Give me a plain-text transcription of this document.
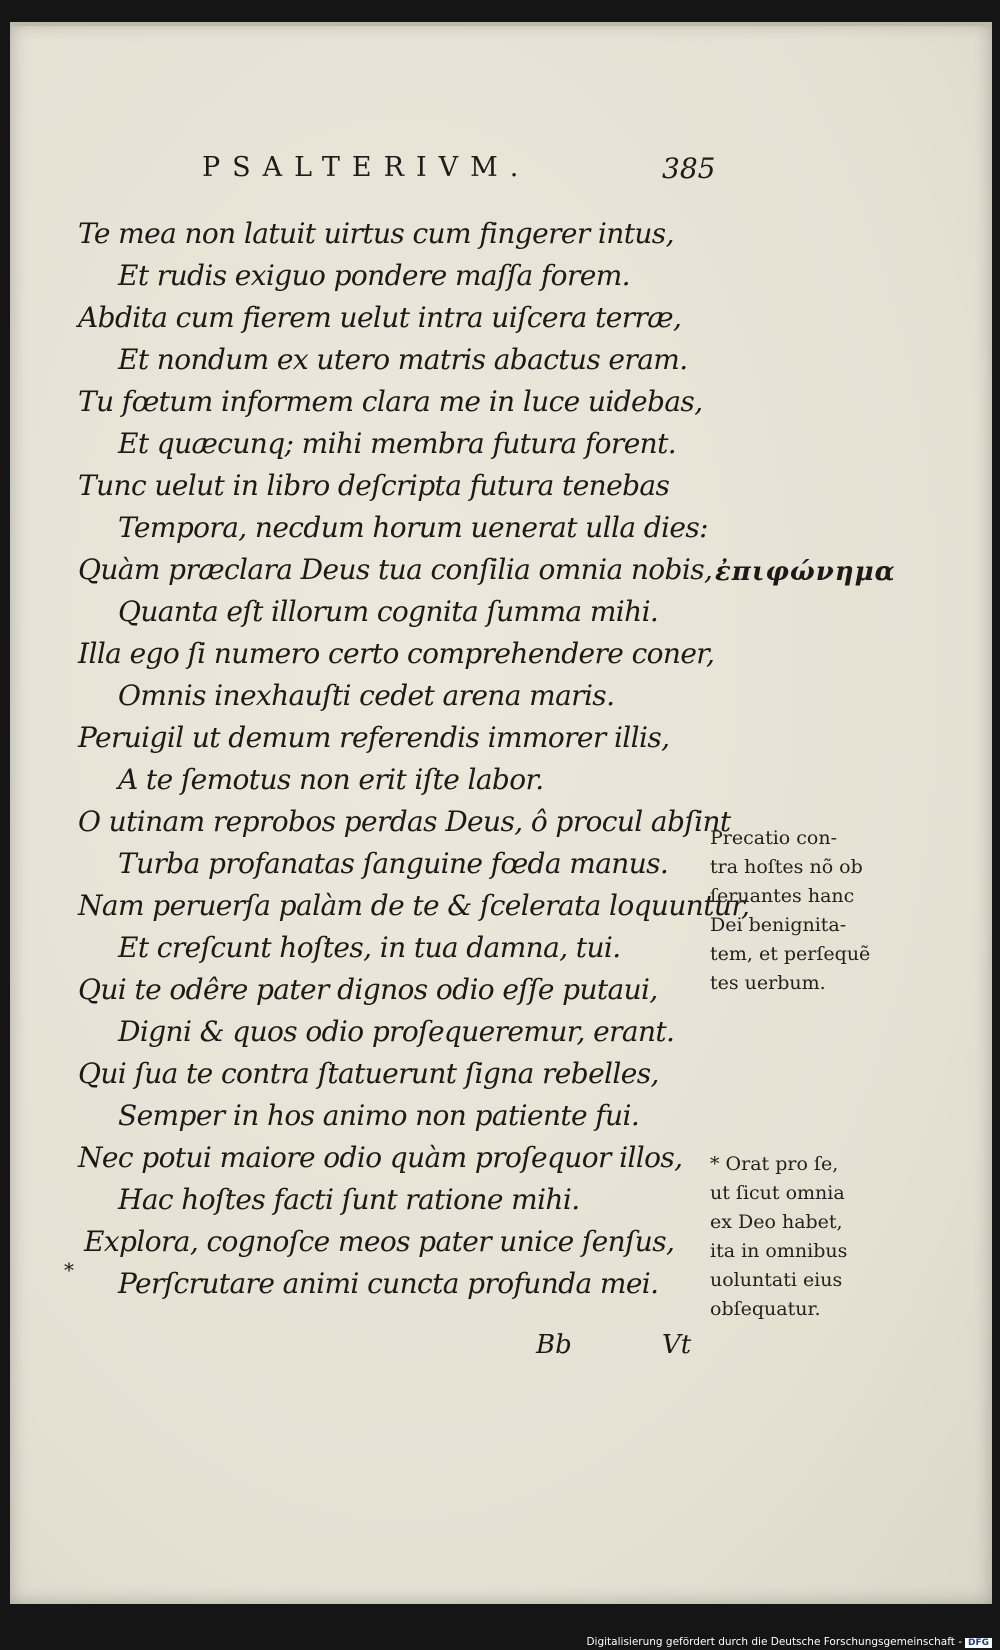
PSALTERIVM.	385
Te mea non latuit uirtus cum fingerer intus,
Et rudis exiguo pondere maſſa forem.
Abdita cum fierem uelut intra uiſcera terræ,
Et nondum ex utero matris abactus eram.
Tu fœtum informem clara me in luce uidebas,
Et quæcunq; mihi membra futura forent.
Tunc uelut in libro deſcripta futura tenebas
Tempora, necdum horum uenerat ulla dies:
Quàm præclara Deus tua conſilia omnia nobis,
Quanta eſt illorum cognita ſumma mihi.
Illa ego ſi numero certo comprehendere coner,
Omnis inexhauſti cedet arena maris.
Peruigil ut demum referendis immorer illis,
A te ſemotus non erit iſte labor.
O utinam reprobos perdas Deus, ô procul abſint
Turba profanatas ſanguine fœda manus.
Nam peruerſa palàm de te & ſcelerata loquuntur,
Et creſcunt hoſtes, in tua damna, tui.
Qui te odêre pater dignos odio eſſe putaui,
Digni & quos odio proſequeremur, erant.
Qui ſua te contra ſtatuerunt ſigna rebelles,
Semper in hos animo non patiente fui.
Nec potui maiore odio quàm proſequor illos,
Hac hoſtes facti ſunt ratione mihi.
Explora, cognoſce meos pater unice ſenſus,
Perſcrutare animi cuncta profunda mei.
*
ἐπιφώνημα
Precatio con-
tra hoſtes nõ ob
ſeruantes hanc
Dei benignita-
tem, et perſequẽ
tes uerbum.
* Orat pro ſe,
ut ſicut omnia
ex Deo habet,
ita in omnibus
uoluntati eius
obſequatur.
Bb	Vt
Digitalisierung gefördert durch die Deutsche Forschungsgemeinschaft - DFG
